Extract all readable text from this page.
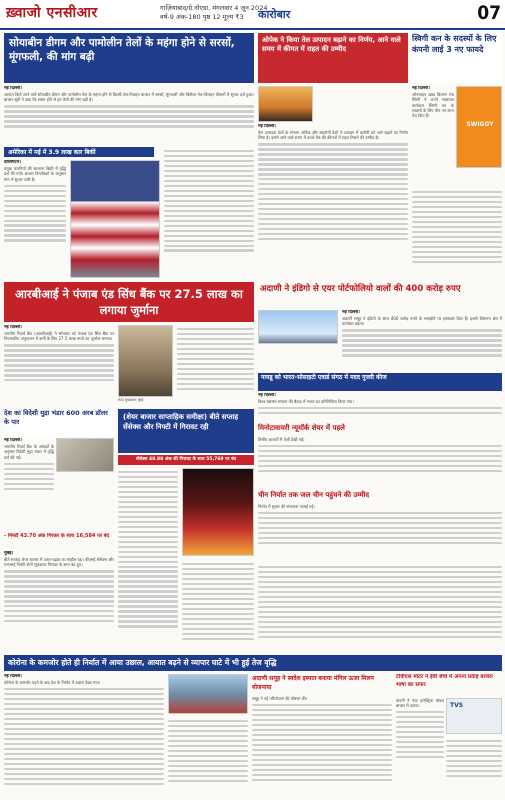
ख़्वाजो एनसीआर	गाज़ियाबाद/ग्रे.नोएडा, मंगलवार 4 जून 2024
वर्ष-9 अंक-180 पृष्ठ 12 मूल्य ₹3	कारोबार	07
सोयाबीन डीगम और पामोलीन तेलों के महंगा होने से सरसों, मूंगफली, की मांग बढ़ी
ओपेक ने किया तेल उत्पादन बढ़ाने का निर्णय, आने वाले समय में कीमत में राहत की उम्मीद
स्विगी कन के सदस्यों के लिए कंपनी लाई 3 नए फायदे
नई दिल्ली।

आयात किये जाने वाले सोयाबीन डीगम और पामोलीन तेल के महंगा होने से दिल्ली तेल-तिलहन बाजार में सरसों, मूंगफली और बिनौला तेल-तिलहन कीमतों में सुधार दर्ज हुआ। बाजार सूत्रों ने कहा कि सस्ता होने से इन तेलों की मांग बढ़ी है।

अमेरिका में मई में 3.9 लाख कार बिकीं
वाशिंगटन।

प्रमुख कंपनियों की सालाना बिक्री में वृद्धि दर्ज की गयी। बाजार विश्लेषकों के अनुसार मांग में सुधार जारी है।

नई दिल्ली।

तेल उत्पादक देशों के संगठन ओपेक और सहयोगी देशों ने उत्पादन में कटौती को आगे बढ़ाने का निर्णय लिया है। इससे आने वाले समय में कच्चे तेल की कीमतों में राहत मिलने की उम्मीद है।

नई दिल्ली।

ऑनलाइन खाद्य वितरण मंच स्विगी ने अपने सदस्यता कार्यक्रम स्विगी वन के सदस्यों के लिए तीन नए लाभ पेश किए हैं।

SWIGGY
आरबीआई ने पंजाब एंड सिंध बैंक पर 27.5 लाख का लगाया जुर्माना
अदाणी ने इंडिगो से एयर पोर्टफोलियो वालों की 400 करोड़ रुपए
नई दिल्ली।

अदाणी समूह ने इंडिगो के साथ 400 करोड़ रुपये के समझौते पर हस्ताक्षर किए हैं। इससे विमानन क्षेत्र में कारोबार बढ़ेगा।

नई दिल्ली।

भारतीय रिज़र्व बैंक (आरबीआई) ने सोमवार को पंजाब एंड सिंध बैंक पर नियामकीय अनुपालन में कमी के लिए 27.5 लाख रुपये का जुर्माना लगाया।

RBI मुख्यालय मुंबई
नायडू को भारत-सोसाइटी एवार्ड संगठ में मदद गुजरी कीज
नई दिल्ली।

विश्व स्वास्थ्य संगठन की बैठक में भारत का प्रतिनिधित्व किया गया।

मिनोटावायरी न्यूयॉर्क शेयर में पहले
देश का विदेशी मुद्रा भंडार 600 अरब डॉलर के पार
नई दिल्ली।

भारतीय रिज़र्व बैंक के आंकड़ों के अनुसार विदेशी मुद्रा भंडार में वृद्धि दर्ज की गई।

(शेयर बाजार साप्ताहिक समीक्षा) बीते सप्ताह सेंसेक्स और निफ्टी में गिरावट रही
सेंसेक्स 48.88 अंक की गिरावट के साथ 55,769 पर बंद

वित्तीय बाजारों में तेज़ी देखी गई।

चीन निर्यात तक जल चीन पहुंचने की उम्मीद

निर्यात में सुधार की संभावना जताई गई।

- निफ्टी 43.70 अंक गिरकर के साथ 16,584 पर बंद
मुंबई।

बीते सप्ताह शेयर बाजार में उतार-चढ़ाव का माहौल रहा। बीएसई सेंसेक्स और एनएसई निफ्टी दोनों सूचकांक गिरावट के साथ बंद हुए।

कोरोना के कमजोर होते ही निर्यात में आया उछाल, आयात बढ़ने से व्यापार घाटे में भी हुई तेज वृद्धि
नई दिल्ली।

कोरोना के कमजोर पड़ने के बाद देश के निर्यात में उछाल देखा गया।

अदाणी समूह ने स्वदेश इस्पात बनाया मंगिल ऊजा मिलन योजनाया

समूह ने नई परियोजना की घोषणा की।

टीवीएस मोटर ने ईवी बेंचों में अपना प्रवाह बाजरा भाषा का सफर
TVS

कंपनी ने नया इलेक्ट्रिक मॉडल बाजार में उतारा।
